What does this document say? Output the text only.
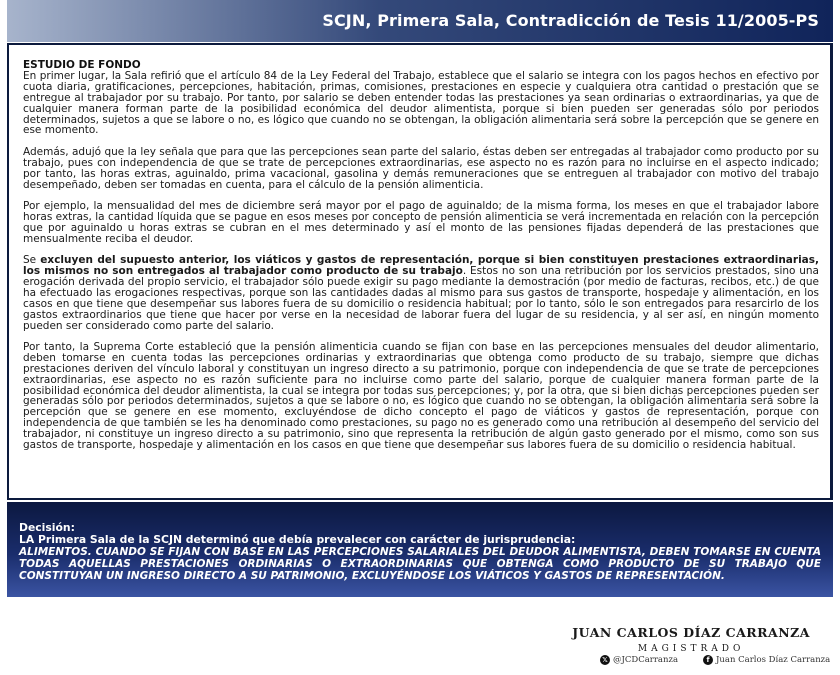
SCJN, Primera Sala, Contradicción de Tesis 11/2005-PS
ESTUDIO DE FONDO

En primer lugar, la Sala refirió que el artículo 84 de la Ley Federal del Trabajo, establece que el salario se integra con los pagos hechos en efectivo por cuota diaria, gratificaciones, percepciones, habitación, primas, comisiones, prestaciones en especie y cualquiera otra cantidad o prestación que se entregue al trabajador por su trabajo. Por tanto, por salario se deben entender todas las prestaciones ya sean ordinarias o extraordinarias, ya que de cualquier manera forman parte de la posibilidad económica del deudor alimentista, porque si bien pueden ser generadas sólo por periodos determinados, sujetos a que se labore o no, es lógico que cuando no se obtengan, la obligación alimentaria será sobre la percepción que se genere en ese momento.

Además, adujó que la ley señala que para que las percepciones sean parte del salario, éstas deben ser entregadas al trabajador como producto por su trabajo, pues con independencia de que se trate de percepciones extraordinarias, ese aspecto no es razón para no incluirse en el aspecto indicado; por tanto, las horas extras, aguinaldo, prima vacacional, gasolina y demás remuneraciones que se entreguen al trabajador con motivo del trabajo desempeñado, deben ser tomadas en cuenta, para el cálculo de la pensión alimenticia.

Por ejemplo, la mensualidad del mes de diciembre será mayor por el pago de aguinaldo; de la misma forma, los meses en que el trabajador labore horas extras, la cantidad líquida que se pague en esos meses por concepto de pensión alimenticia se verá incrementada en relación con la percepción que por aguinaldo u horas extras se cubran en el mes determinado y así el monto de las pensiones fijadas dependerá de las prestaciones que mensualmente reciba el deudor.

Se excluyen del supuesto anterior, los viáticos y gastos de representación, porque si bien constituyen prestaciones extraordinarias, los mismos no son entregados al trabajador como producto de su trabajo. Estos no son una retribución por los servicios prestados, sino una erogación derivada del propio servicio, el trabajador sólo puede exigir su pago mediante la demostración (por medio de facturas, recibos, etc.) de que ha efectuado las erogaciones respectivas, porque son las cantidades dadas al mismo para sus gastos de transporte, hospedaje y alimentación, en los casos en que tiene que desempeñar sus labores fuera de su domicilio o residencia habitual; por lo tanto, sólo le son entregados para resarcirlo de los gastos extraordinarios que tiene que hacer por verse en la necesidad de laborar fuera del lugar de su residencia, y al ser así, en ningún momento pueden ser considerado como parte del salario.

Por tanto, la Suprema Corte estableció que la pensión alimenticia cuando se fijan con base en las percepciones mensuales del deudor alimentario, deben tomarse en cuenta todas las percepciones ordinarias y extraordinarias que obtenga como producto de su trabajo, siempre que dichas prestaciones deriven del vínculo laboral y constituyan un ingreso directo a su patrimonio, porque con independencia de que se trate de percepciones extraordinarias, ese aspecto no es razón suficiente para no incluirse como parte del salario, porque de cualquier manera forman parte de la posibilidad económica del deudor alimentista, la cual se integra por todas sus percepciones; y, por la otra, que si bien dichas percepciones pueden ser generadas sólo por periodos determinados, sujetos a que se labore o no, es lógico que cuando no se obtengan, la obligación alimentaria será sobre la percepción que se genere en ese momento, excluyéndose de dicho concepto el pago de viáticos y gastos de representación, porque con independencia de que también se les ha denominado como prestaciones, su pago no es generado como una retribución al desempeño del servicio del trabajador, ni constituye un ingreso directo a su patrimonio, sino que representa la retribución de algún gasto generado por el mismo, como son sus gastos de transporte, hospedaje y alimentación en los casos en que tiene que desempeñar sus labores fuera de su domicilio o residencia habitual.

Decisión:
LA Primera Sala de la SCJN determinó que debía prevalecer con carácter de jurisprudencia:
ALIMENTOS. CUANDO SE FIJAN CON BASE EN LAS PERCEPCIONES SALARIALES DEL DEUDOR ALIMENTISTA, DEBEN TOMARSE EN CUENTA TODAS AQUELLAS PRESTACIONES ORDINARIAS O EXTRAORDINARIAS QUE OBTENGA COMO PRODUCTO DE SU TRABAJO QUE CONSTITUYAN UN INGRESO DIRECTO A SU PATRIMONIO, EXCLUYÉNDOSE LOS VIÁTICOS Y GASTOS DE REPRESENTACIÓN.
JUAN CARLOS DÍAZ CARRANZA
MAGISTRADO
𝕏 @JCDCarranza	f Juan Carlos Díaz Carranza
